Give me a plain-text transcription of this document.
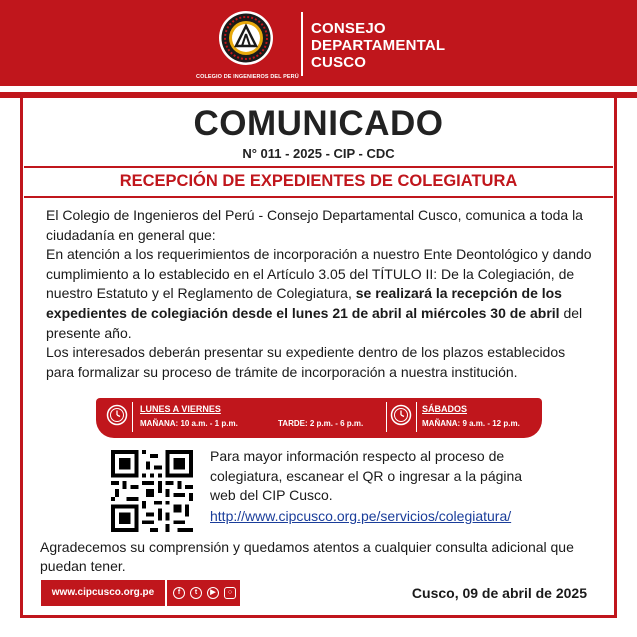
COLEGIO DE INGENIEROS DEL PERÚ
CONSEJO
DEPARTAMENTAL
CUSCO
COMUNICADO
N° 011 - 2025 - CIP - CDC
RECEPCIÓN DE EXPEDIENTES DE COLEGIATURA

El Colegio de Ingenieros del Perú - Consejo Departamental Cusco, comunica a toda la ciudadanía en general que:

En atención a los requerimientos de incorporación a nuestro Ente Deontológico y dando cumplimiento a lo establecido en el Artículo 3.05 del TÍTULO II: De la Colegiación, de nuestro Estatuto y el Reglamento de Colegiatura, se realizará la recepción de los expedientes de colegiación desde el lunes 21 de abril al miércoles 30 de abril del presente año.

Los interesados deberán presentar su expediente dentro de los plazos establecidos para formalizar su proceso de trámite de incorporación a nuestra institución.

LUNES A VIERNES
MAÑANA: 10 a.m. - 1 p.m.	TARDE: 2 p.m. - 6 p.m.
SÁBADOS
MAÑANA: 9 a.m. - 12 p.m.
Para mayor información respecto al proceso de colegiatura, escanear el QR o ingresar a la página web del CIP Cusco.
http://www.cipcusco.org.pe/servicios/colegiatura/
Agradecemos su comprensión y quedamos atentos a cualquier consulta adicional que puedan tener.
www.cipcusco.org.pe	f	t	▶	○	Cusco, 09 de abril de 2025
